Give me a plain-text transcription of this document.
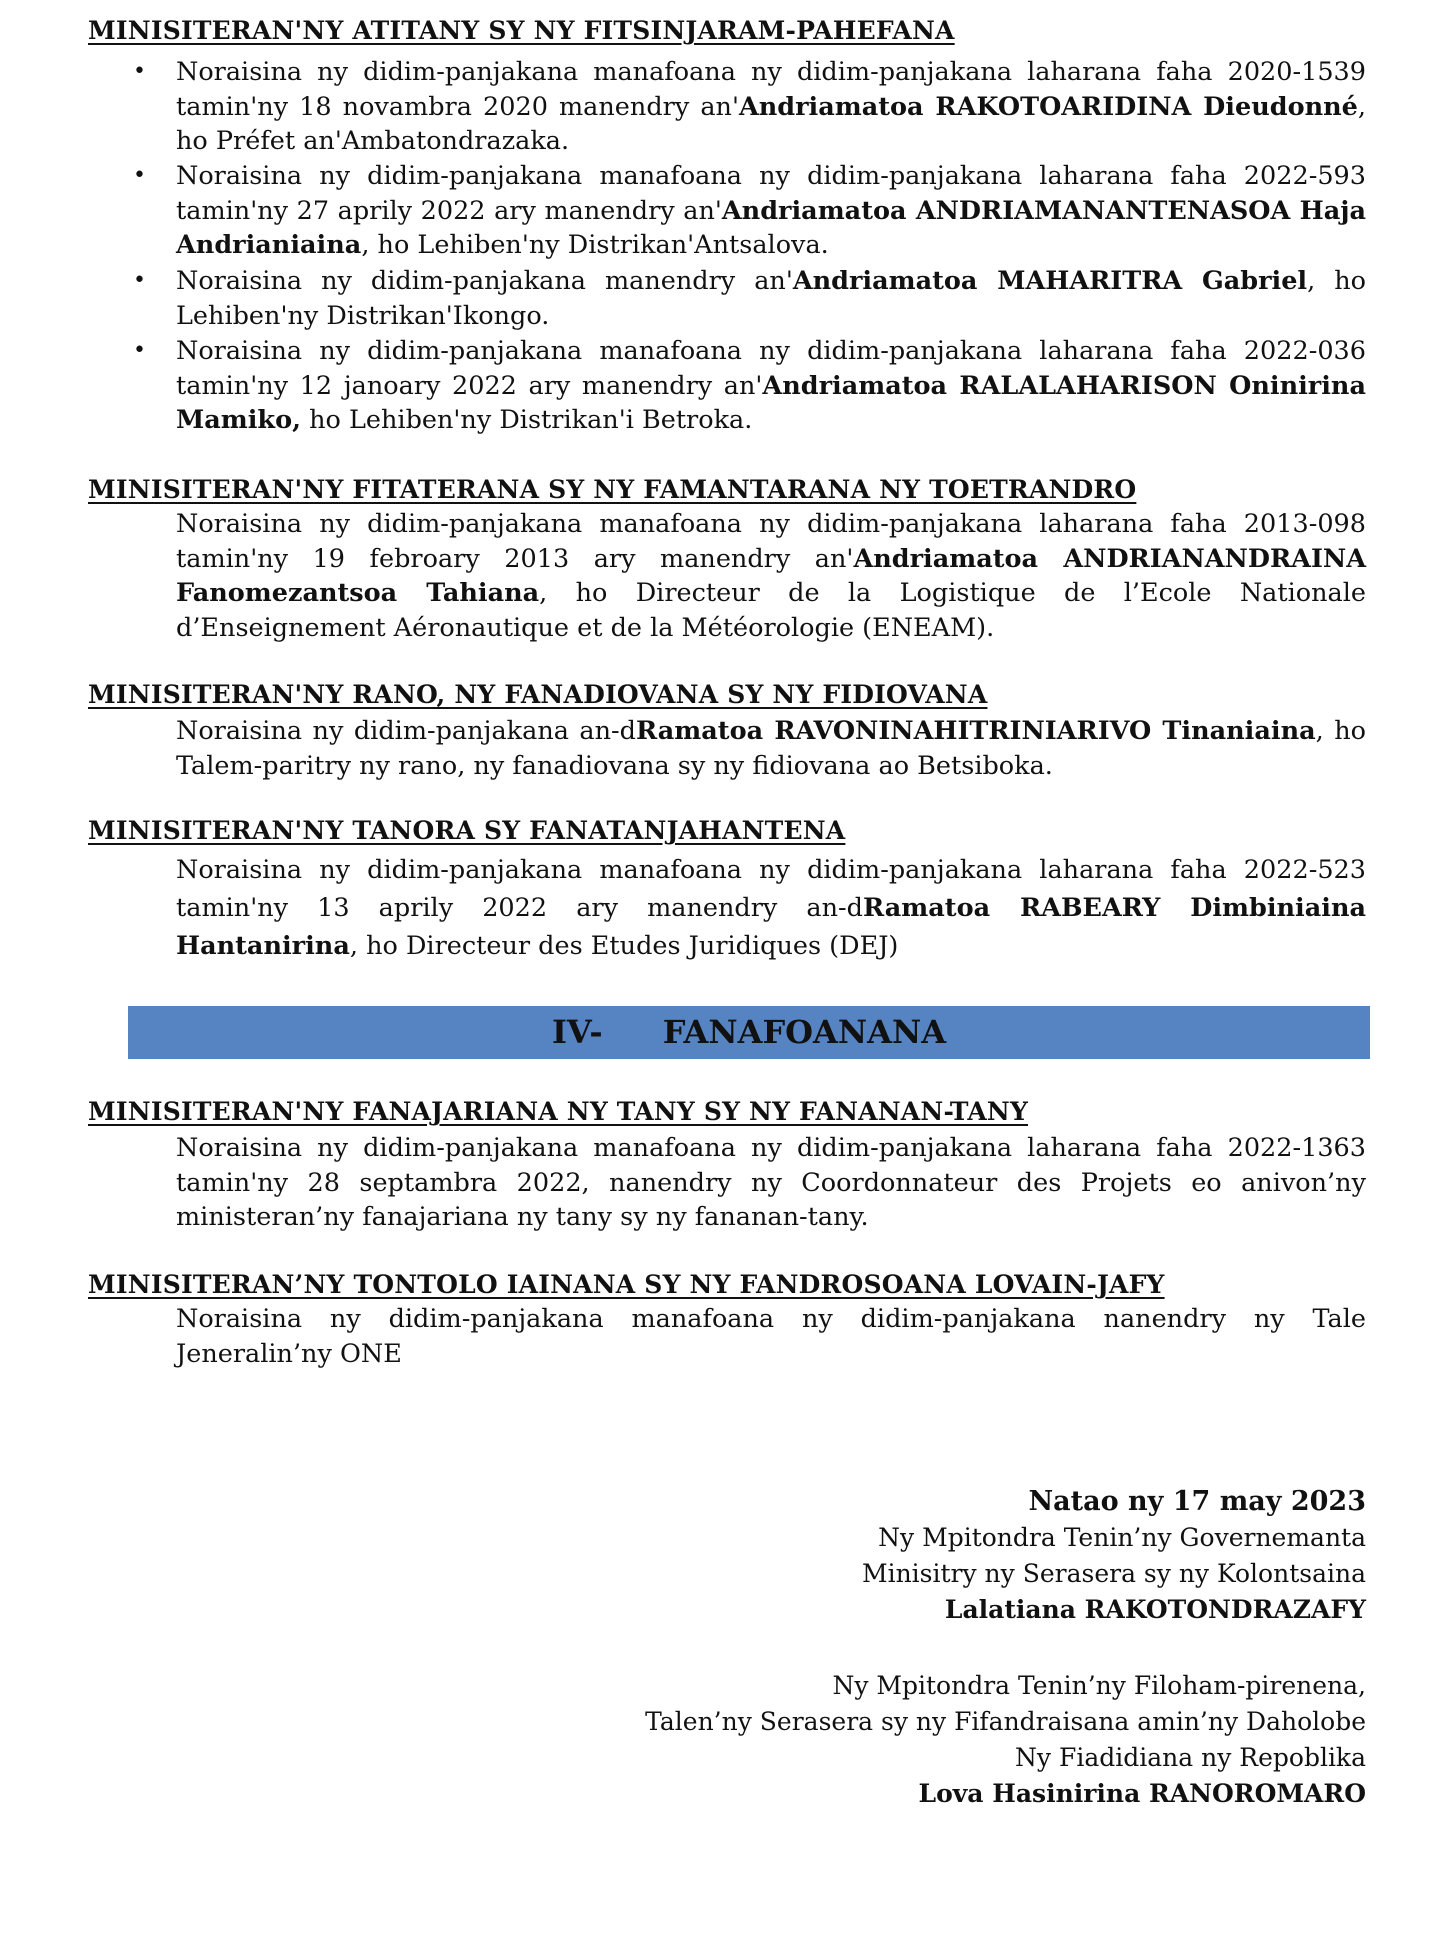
MINISITERAN'NY ATITANY SY NY FITSINJARAM-PAHEFANA
• Noraisina ny didim-panjakana manafoana ny didim-panjakana laharana faha 2020-1539 tamin'ny 18 novambra 2020 manendry an'Andriamatoa RAKOTOARIDINA Dieudonné, ho Préfet an'Ambatondrazaka.
• Noraisina ny didim-panjakana manafoana ny didim-panjakana laharana faha 2022-593 tamin'ny 27 aprily 2022 ary manendry an'Andriamatoa ANDRIAMANANTENASOA Haja Andrianiaina, ho Lehiben'ny Distrikan'Antsalova.
• Noraisina ny didim-panjakana manendry an'Andriamatoa MAHARITRA Gabriel, ho Lehiben'ny Distrikan'Ikongo.
• Noraisina ny didim-panjakana manafoana ny didim-panjakana laharana faha 2022-036 tamin'ny 12 janoary 2022 ary manendry an'Andriamatoa RALALAHARISON Oninirina Mamiko, ho Lehiben'ny Distrikan'i Betroka.
MINISITERAN'NY FITATERANA SY NY FAMANTARANA NY TOETRANDRO
Noraisina ny didim-panjakana manafoana ny didim-panjakana laharana faha 2013-098 tamin'ny 19 febroary 2013 ary manendry an'Andriamatoa ANDRIANANDRAINA Fanomezantsoa Tahiana, ho Directeur de la Logistique de l’Ecole Nationale d’Enseignement Aéronautique et de la Météorologie (ENEAM).
MINISITERAN'NY RANO, NY FANADIOVANA SY NY FIDIOVANA
Noraisina ny didim-panjakana an-dRamatoa RAVONINAHITRINIARIVO Tinaniaina, ho Talem-paritry ny rano, ny fanadiovana sy ny fidiovana ao Betsiboka.
MINISITERAN'NY TANORA SY FANATANJAHANTENA
Noraisina ny didim-panjakana manafoana ny didim-panjakana laharana faha 2022-523 tamin'ny 13 aprily 2022 ary manendry an-dRamatoa RABEARY Dimbiniaina Hantanirina, ho Directeur des Etudes Juridiques (DEJ)
IV- FANAFOANANA
MINISITERAN'NY FANAJARIANA NY TANY SY NY FANANAN-TANY
Noraisina ny didim-panjakana manafoana ny didim-panjakana laharana faha 2022-1363 tamin'ny 28 septambra 2022, nanendry ny Coordonnateur des Projets eo anivon’ny ministeran’ny fanajariana ny tany sy ny fananan-tany.
MINISITERAN’NY TONTOLO IAINANA SY NY FANDROSOANA LOVAIN-JAFY
Noraisina ny didim-panjakana manafoana ny didim-panjakana nanendry ny Tale Jeneralin’ny ONE
Natao ny 17 may 2023
Ny Mpitondra Tenin’ny Governemanta
Minisitry ny Serasera sy ny Kolontsaina
Lalatiana RAKOTONDRAZAFY
Ny Mpitondra Tenin’ny Filoham-pirenena,
Talen’ny Serasera sy ny Fifandraisana amin’ny Daholobe
Ny Fiadidiana ny Repoblika
Lova Hasinirina RANOROMARO
